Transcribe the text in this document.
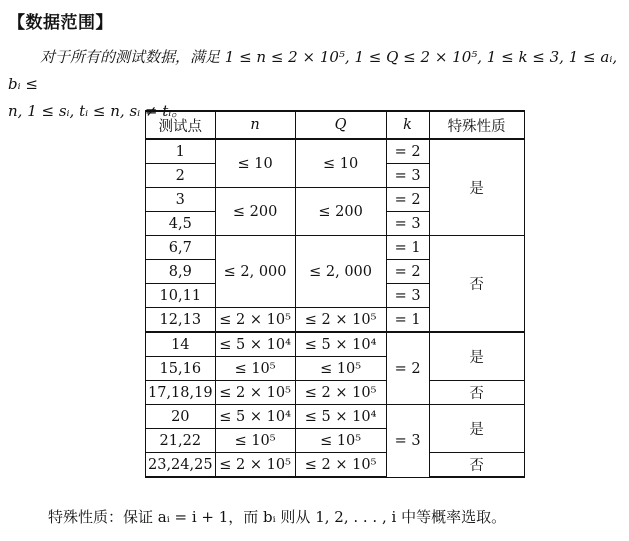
【数据范围】
对于所有的测试数据，满足 1 ≤ n ≤ 2 × 10⁵, 1 ≤ Q ≤ 2 × 10⁵, 1 ≤ k ≤ 3, 1 ≤ aᵢ, bᵢ ≤
n, 1 ≤ sᵢ, tᵢ ≤ n, sᵢ ≠ tᵢ。
测试点	n	Q	k	特殊性质
1	≤ 10	≤ 10	= 2	是
2			= 3	
3	≤ 200	≤ 200	= 2	
4,5			= 3	
6,7	≤ 2, 000	≤ 2, 000	= 1	否
8,9			= 2	
10,11			= 3	
12,13	≤ 2 × 10⁵	≤ 2 × 10⁵	= 1	
14	≤ 5 × 10⁴	≤ 5 × 10⁴	= 2	是
15,16	≤ 10⁵	≤ 10⁵		
17,18,19	≤ 2 × 10⁵	≤ 2 × 10⁵		否
20	≤ 5 × 10⁴	≤ 5 × 10⁴	= 3	是
21,22	≤ 10⁵	≤ 10⁵		
23,24,25	≤ 2 × 10⁵	≤ 2 × 10⁵		否
特殊性质：保证 aᵢ = i + 1，而 bᵢ 则从 1, 2, . . . , i 中等概率选取。
